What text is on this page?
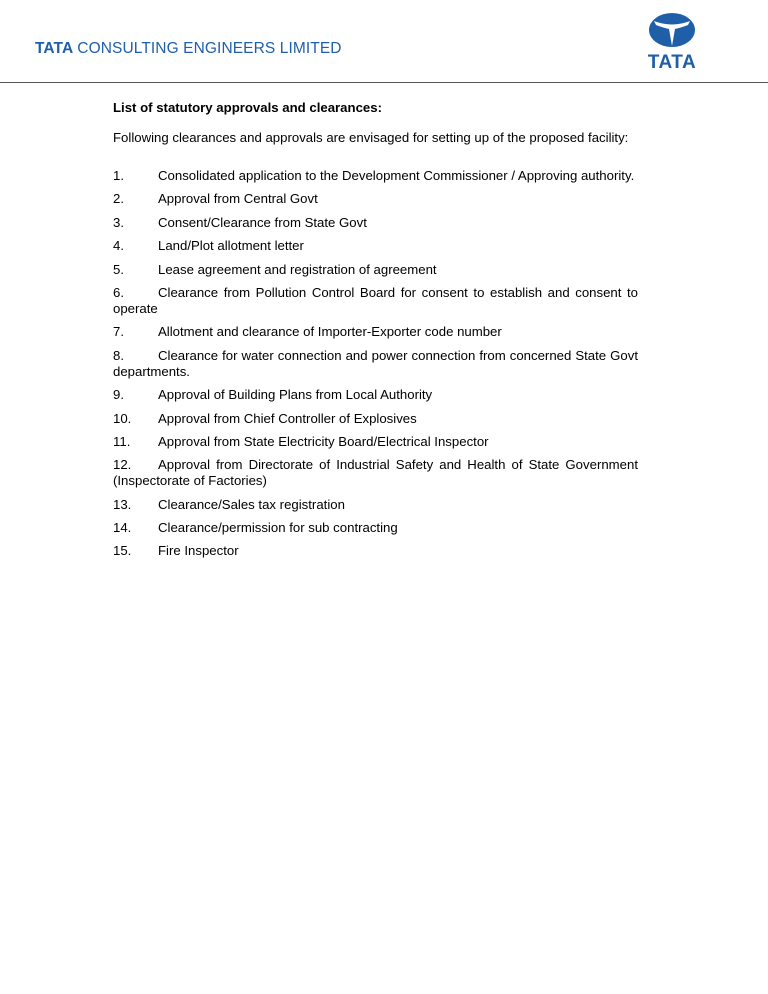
TATA CONSULTING ENGINEERS LIMITED
TATA

List of statutory approvals and clearances:

Following clearances and approvals are envisaged for setting up of the proposed facility:

1.	Consolidated application to the Development Commissioner / Approving authority.
2.	Approval from Central Govt
3.	Consent/Clearance from State Govt
4.	Land/Plot allotment letter
5.	Lease agreement and registration of agreement
6.	Clearance from Pollution Control Board for consent to establish and consent to operate
7.	Allotment and clearance of Importer-Exporter code number
8.	Clearance for water connection and power connection from concerned State Govt departments.
9.	Approval of Building Plans from Local Authority
10. Approval from Chief Controller of Explosives
11. Approval from State Electricity Board/Electrical Inspector
12. Approval from Directorate of Industrial Safety and Health of State Government (Inspectorate of Factories)
13. Clearance/Sales tax registration
14. Clearance/permission for sub contracting
15. Fire Inspector
